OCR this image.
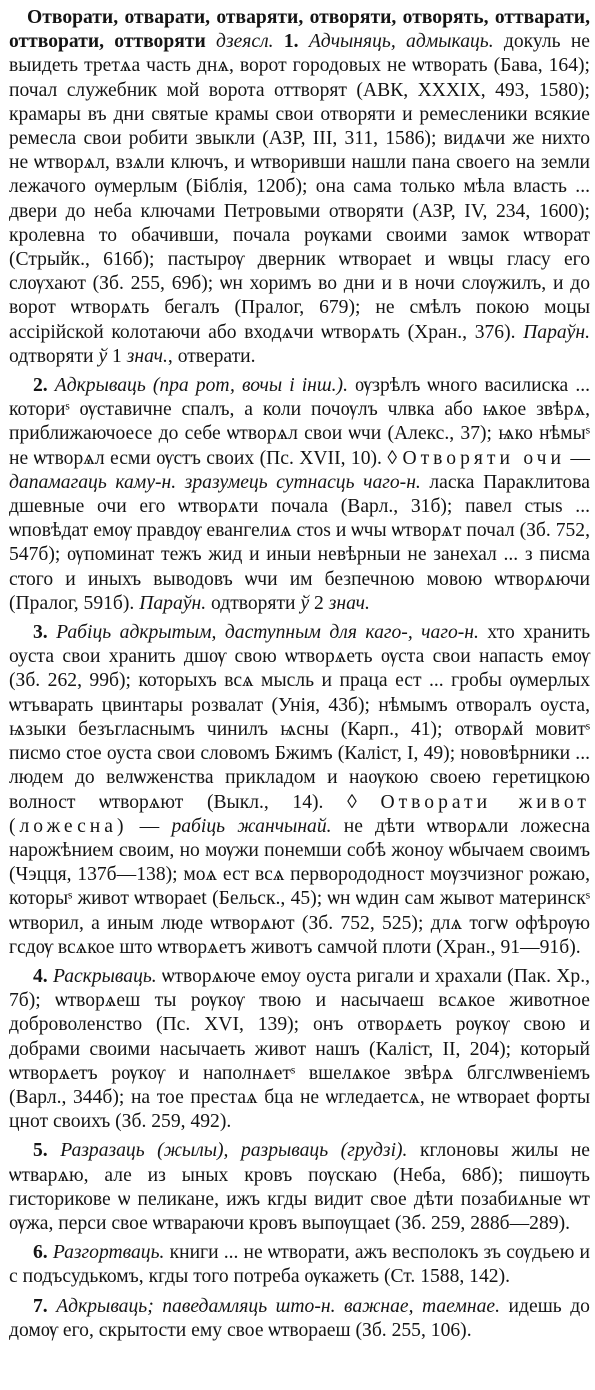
Отворати, отварати, отваряти, отворяти, отворять, оттварати, оттворати, оттворяти дзеясл. 1. Адчыняць, адмыкаць. докуль не выидеть третѧа часть днѧ, ворот городовых не ѡтворать (Бава, 164); почал служебник мой ворота оттворят (АВК, XXXIX, 493, 1580); крамары въ дни святые крамы свои отворяти и ремесленики всякие ремесла свои робити звыкли (АЗР, III, 311, 1586); видѧчи же нихто не ѡтворѧл, взѧли ключъ, и ѡтворивши нашли пана своего на земли лежачого ѹмерлым (Біблія, 120б); она сама только мѣла власть ... двери до неба ключами Петровыми отворяти (АЗР, IV, 234, 1600); кролевна то обачивши, почала рѹками своими замок ѡтворат (Стрыйк., 616б); пастырѹ дверник ѡтвораеt и ѡвцы гласу его слѹхают (Зб. 255, 69б); ѡн хоримъ во дни и в ночи слѹжилъ, и до ворот ѡтворѧть бегалъ (Пралог, 679); не смѣлъ покою моцы ассірійской колотаючи або входѧчи ѡтворѧть (Хран., 376). Параўн. одтворяти ў 1 знач., отверати.

2. Адкрываць (пра рот, вочы і інш.). ѹзрѣлъ ѡного василиска ... коториˢ ѹставичне спалъ, а коли почѹлъ члвка або ѩкое звѣрѧ, приближаючоесе до себе ѡтворѧл свои ѡчи (Алекс., 37); ѩко нѣмыˢ не ѡтворѧл есми ѹстъ своих (Пс. XVII, 10). ◊ Отворяти очи — дапамагаць каму-н. зразумець сутнасць чаго-н. ласка Параклитова дшевные очи его ѡтворѧти почала (Варл., 31б); павел стыѕ ... ѡповѣдат емѹ правдѹ евангелиѧ стоѕ и ѡчы ѡтворѧт почал (Зб. 752, 547б); ѹпоминат тежъ жид и иныи невѣрныи не занехал ... з писма стого и иныхъ выводовъ ѡчи им безпечною мовою ѡтворѧючи (Пралог, 591б). Параўн. одтворяти ў 2 знач.

3. Рабіць адкрытым, даступным для каго-, чаго-н. хто хранить оуста свои хранить дшѹ свою ѡтворѧеть ѹста свои напасть емѹ (Зб. 262, 99б); которыхъ всѧ мысль и праца ест ... гробы ѹмерлых ѡтъварать цвинтары розвалат (Унія, 43б); нѣмымъ отворалъ оуста, ѩзыки безъгласнымъ чинилъ ѩсны (Карп., 41); отворѧй мовитˢ писмо стое оуста свои словомъ Бжимъ (Каліст, I, 49); нововѣрники ... людем до велѡженства прикладом и наѹкою своею геретицкою волност ѡтворѧют (Выкл., 14). ◊ Отворати живот (ложесна) — рабіць жанчынай. не дѣти ѡтворѧли ложесна нарожѣнием своим, но мѹжи понемши собѣ жоноу ѡбычаем своимъ (Чэцця, 137б—138); моѧ ест всѧ перворододност мѹзчизног рожаю, которыˢ живот ѡтвораеt (Бельск., 45); ѡн ѡдин сам жывот материнскˢ ѡтворил, а иным люде ѡтворѧют (Зб. 752, 525); длѧ тогѡ офѣрѹю гсдѹ всѧкое што ѡтворѧетъ животъ самчой плоти (Хран., 91—91б).

4. Раскрываць. ѡтворѧюче емоу оуста ригали и храхали (Пак. Хр., 7б); ѡтворѧеш ты рѹкѹ твою и насычаеш всѧкое животное доброволенство (Пс. XVI, 139); онъ отворѧеть рѹкѹ свою и добрами своими насычаеть живот нашъ (Каліст, II, 204); который ѡтворѧетъ рѹкѹ и наполнѧетˢ вшелѧкое звѣрѧ блгслѡвеніемъ (Варл., 344б); на тое престаѧ бца не ѡгледаетсѧ, не ѡтвораеt форты цнот своихъ (Зб. 259, 492).

5. Разразаць (жылы), разрываць (грудзі). кглоновы жилы не ѡтварѧю, але из ыных кровъ пѹскаю (Неба, 68б); пишѹть гисторикове ѡ пеликане, ижъ кгды видит свое дѣти позабиѧные ѡт ѹжа, перси свое ѡтвараючи кровъ выпѹщаеt (Зб. 259, 288б—289).

6. Разгортваць. книги ... не ѡтворати, ажъ весполокъ зъ сѹдьею и с подъсудькомъ, кгды того потреба ѹкажеть (Ст. 1588, 142).

7. Адкрываць; паведамляць што-н. важнае, таемнае. идешь до домѹ его, скрытости ему свое ѡтвораеш (Зб. 255, 106).
